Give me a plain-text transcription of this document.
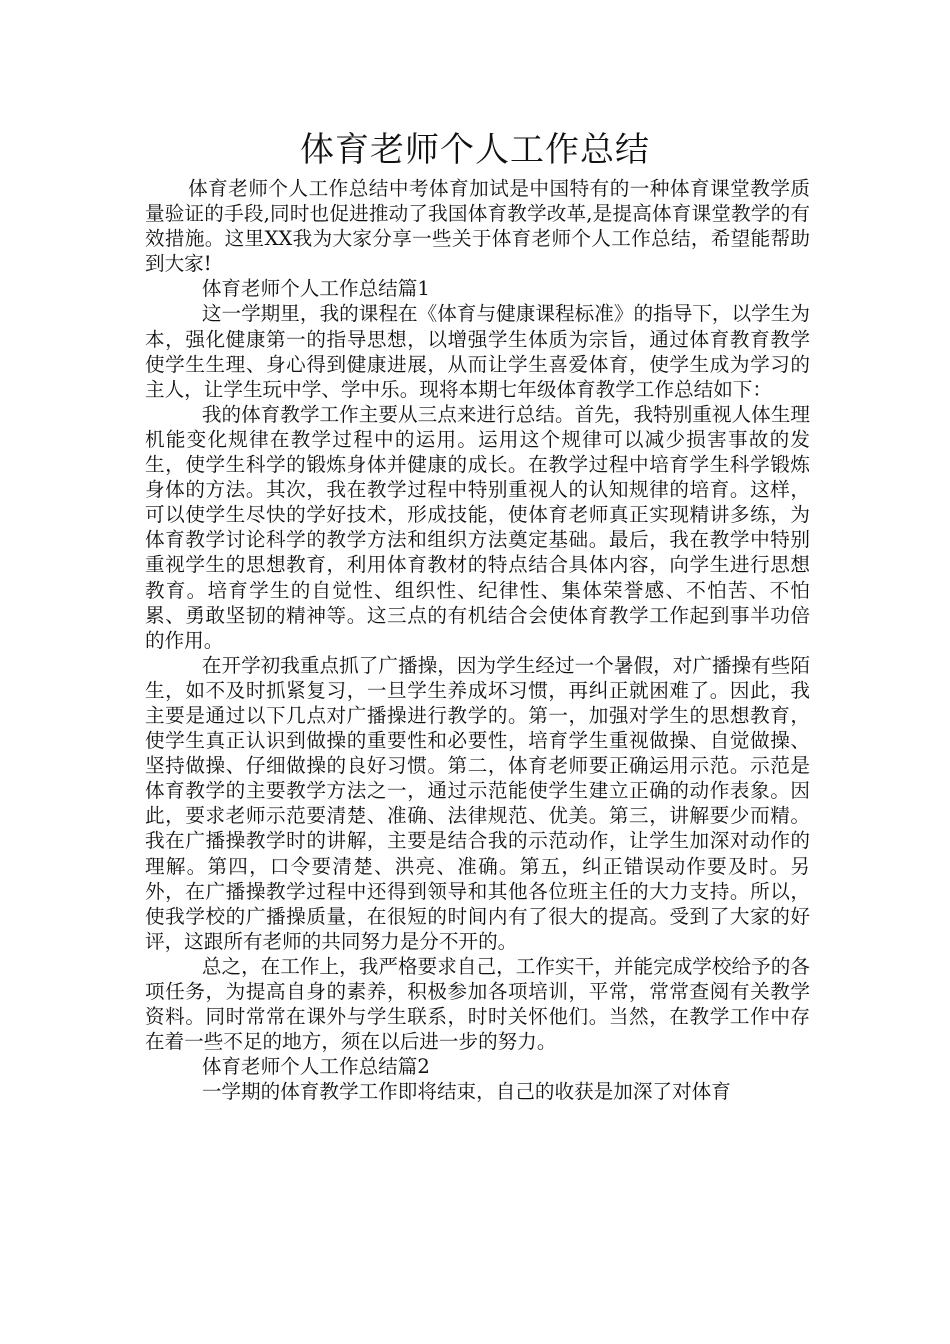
体育老师个人工作总结

体育老师个人工作总结中考体育加试是中国特有的一种体育课堂教学质量验证的手段,同时也促进推动了我国体育教学改革,是提高体育课堂教学的有效措施。这里XX我为大家分享一些关于体育老师个人工作总结，希望能帮助到大家!

体育老师个人工作总结篇1

这一学期里，我的课程在《体育与健康课程标准》的指导下，以学生为本，强化健康第一的指导思想，以增强学生体质为宗旨，通过体育教育教学使学生生理、身心得到健康进展，从而让学生喜爱体育，使学生成为学习的主人，让学生玩中学、学中乐。现将本期七年级体育教学工作总结如下：

我的体育教学工作主要从三点来进行总结。首先，我特别重视人体生理机能变化规律在教学过程中的运用。运用这个规律可以减少损害事故的发生，使学生科学的锻炼身体并健康的成长。在教学过程中培育学生科学锻炼身体的方法。其次，我在教学过程中特别重视人的认知规律的培育。这样，可以使学生尽快的学好技术，形成技能，使体育老师真正实现精讲多练，为体育教学讨论科学的教学方法和组织方法奠定基础。最后，我在教学中特别重视学生的思想教育，利用体育教材的特点结合具体内容，向学生进行思想教育。培育学生的自觉性、组织性、纪律性、集体荣誉感、不怕苦、不怕累、勇敢坚韧的精神等。这三点的有机结合会使体育教学工作起到事半功倍的作用。

在开学初我重点抓了广播操，因为学生经过一个暑假，对广播操有些陌生，如不及时抓紧复习，一旦学生养成坏习惯，再纠正就困难了。因此，我主要是通过以下几点对广播操进行教学的。第一，加强对学生的思想教育，使学生真正认识到做操的重要性和必要性，培育学生重视做操、自觉做操、坚持做操、仔细做操的良好习惯。第二，体育老师要正确运用示范。示范是体育教学的主要教学方法之一，通过示范能使学生建立正确的动作表象。因此，要求老师示范要清楚、准确、法律规范、优美。第三，讲解要少而精。我在广播操教学时的讲解，主要是结合我的示范动作，让学生加深对动作的理解。第四，口令要清楚、洪亮、准确。第五，纠正错误动作要及时。另外，在广播操教学过程中还得到领导和其他各位班主任的大力支持。所以，使我学校的广播操质量，在很短的时间内有了很大的提高。受到了大家的好评，这跟所有老师的共同努力是分不开的。

总之，在工作上，我严格要求自己，工作实干，并能完成学校给予的各项任务，为提高自身的素养，积极参加各项培训，平常，常常查阅有关教学资料。同时常常在课外与学生联系，时时关怀他们。当然，在教学工作中存在着一些不足的地方，须在以后进一步的努力。

体育老师个人工作总结篇2

一学期的体育教学工作即将结束，自己的收获是加深了对体育
